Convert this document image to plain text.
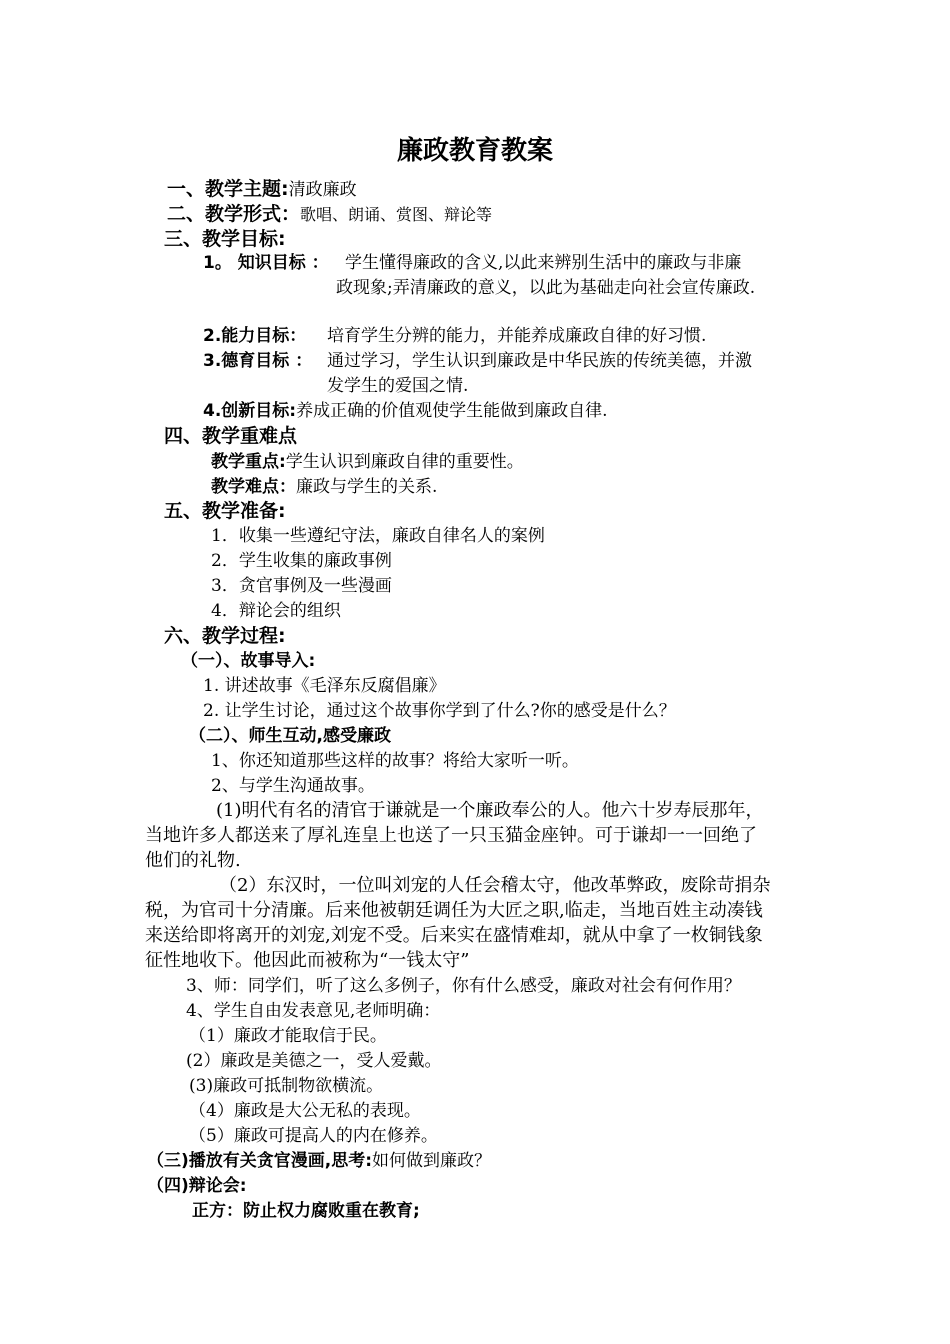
廉政教育教案
一、教学主题:清政廉政
二、教学形式：歌唱、朗诵、赏图、辩论等
三、教学目标:
1。 知识目标 ： 学生懂得廉政的含义,以此来辨别生活中的廉政与非廉
政现象;弄清廉政的意义，以此为基础走向社会宣传廉政.
2.能力目标： 培育学生分辨的能力，并能养成廉政自律的好习惯.
3.德育目标 ： 通过学习，学生认识到廉政是中华民族的传统美德，并激
发学生的爱国之情.
4.创新目标:养成正确的价值观使学生能做到廉政自律.
四、教学重难点
教学重点:学生认识到廉政自律的重要性。
教学难点：廉政与学生的关系.
五、教学准备:
1．收集一些遵纪守法，廉政自律名人的案例
2．学生收集的廉政事例
3．贪官事例及一些漫画
4．辩论会的组织
六、教学过程:
（一）、故事导入:
1. 讲述故事《毛泽东反腐倡廉》
2. 让学生讨论，通过这个故事你学到了什么?你的感受是什么？
（二）、师生互动,感受廉政
1、你还知道那些这样的故事？将给大家听一听。
2、与学生沟通故事。
(1)明代有名的清官于谦就是一个廉政奉公的人。他六十岁寿辰那年，
当地许多人都送来了厚礼连皇上也送了一只玉猫金座钟。可于谦却一一回绝了
他们的礼物.
（2）东汉时，一位叫刘宠的人任会稽太守，他改革弊政，废除苛捐杂
税，为官司十分清廉。后来他被朝廷调任为大匠之职,临走，当地百姓主动凑钱
来送给即将离开的刘宠,刘宠不受。后来实在盛情难却，就从中拿了一枚铜钱象
征性地收下。他因此而被称为“一钱太守”
3、师：同学们，听了这么多例子，你有什么感受，廉政对社会有何作用？
4、学生自由发表意见,老师明确：
（1）廉政才能取信于民。
(2）廉政是美德之一，受人爱戴。
(3)廉政可抵制物欲横流。
（4）廉政是大公无私的表现。
（5）廉政可提高人的内在修养。
（三)播放有关贪官漫画,思考:如何做到廉政？
（四)辩论会:
正方：防止权力腐败重在教育;
